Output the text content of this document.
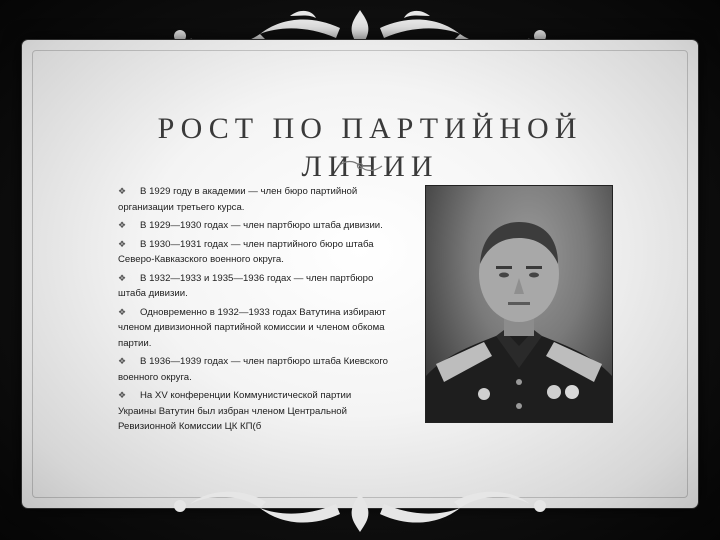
РОСТ ПО ПАРТИЙНОЙ
ЛИНИИ

❖ В 1929 году в академии — член бюро партийной организации третьего курса.

❖ В 1929—1930 годах — член партбюро штаба дивизии.

❖ В 1930—1931 годах — член партийного бюро штаба Северо-Кавказского военного округа.

❖ В 1932—1933 и 1935—1936 годах — член партбюро штаба дивизии.

❖ Одновременно в 1932—1933 годах Ватутина избирают членом дивизионной партийной комиссии и членом обкома партии.

❖ В 1936—1939 годах — член партбюро штаба Киевского военного округа.

❖ На XV конференции Коммунистической партии Украины Ватутин был избран членом Центральной Ревизионной Комиссии ЦК КП(б
